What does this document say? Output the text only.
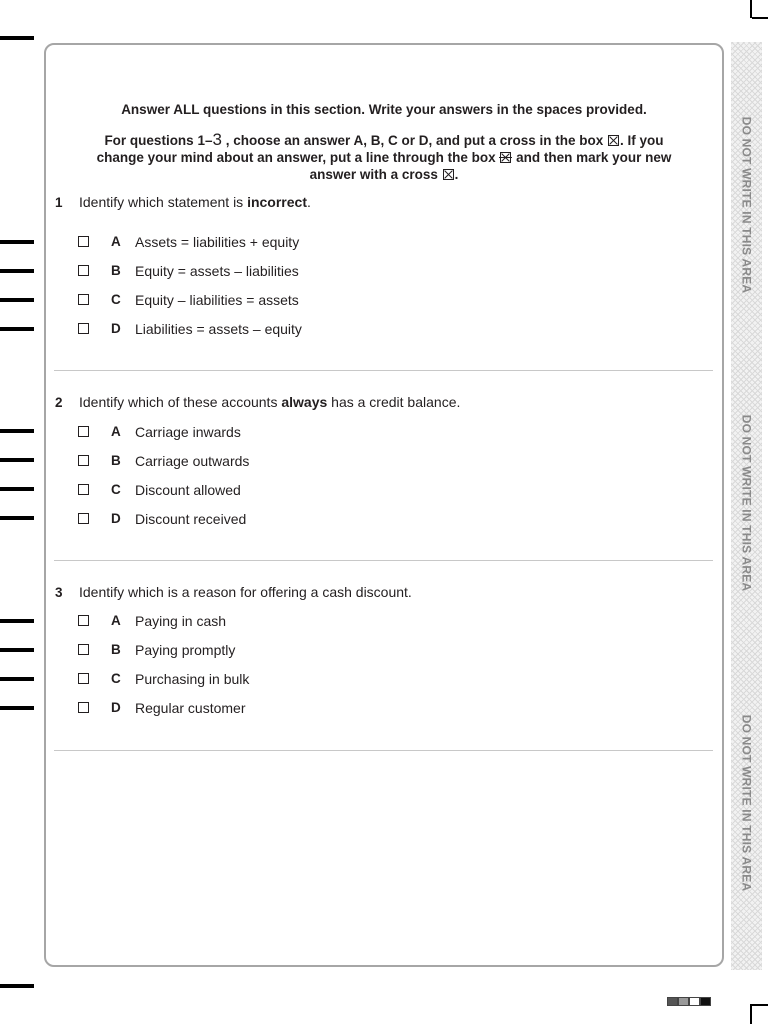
DO NOT WRITE IN THIS AREA
DO NOT WRITE IN THIS AREA
DO NOT WRITE IN THIS AREA
Answer ALL questions in this section. Write your answers in the spaces provided.
For questions 1–3 , choose an answer A, B, C or D, and put a cross in the box ☒. If you change your mind about an answer, put a line through the box and then mark your new answer with a cross ☒.
1 Identify which statement is incorrect.
A Assets = liabilities + equity
B Equity = assets – liabilities
C Equity – liabilities = assets
D Liabilities = assets – equity
2 Identify which of these accounts always has a credit balance.
A Carriage inwards
B Carriage outwards
C Discount allowed
D Discount received
3 Identify which is a reason for offering a cash discount.
A Paying in cash
B Paying promptly
C Purchasing in bulk
D Regular customer
